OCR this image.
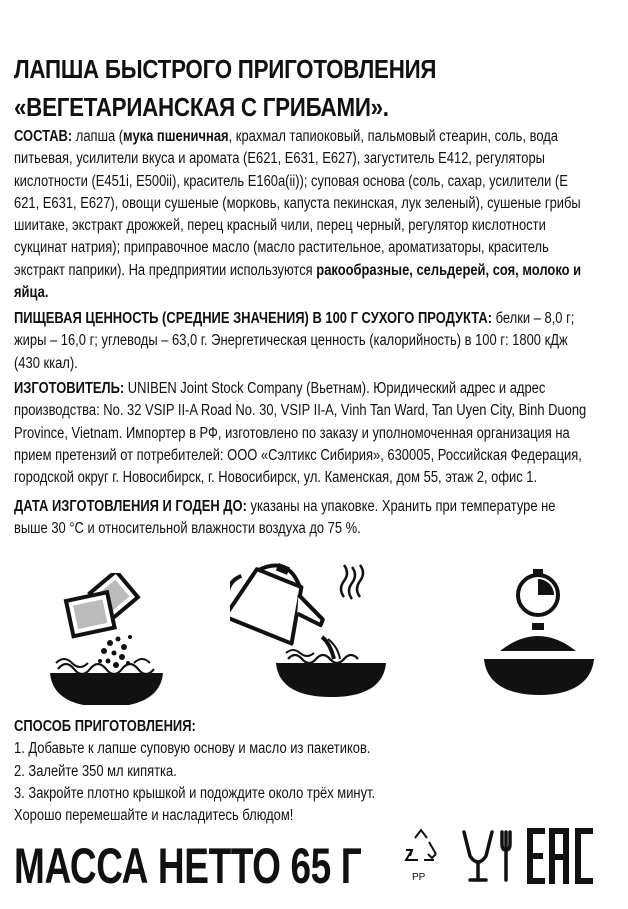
ЛАПША БЫСТРОГО ПРИГОТОВЛЕНИЯ
«ВЕГЕТАРИАНСКАЯ С ГРИБАМИ».
СОСТАВ: лапша (мука пшеничная, крахмал тапиоковый, пальмовый стеарин, соль, вода питьевая, усилители вкуса и аромата (Е621, Е631, Е627), загуститель Е412, регуляторы кислотности (Е451i, Е500ii), краситель Е160а(ii)); суповая основа (соль, сахар, усилители (Е 621, Е631, Е627), овощи сушеные (морковь, капуста пекинская, лук зеленый), сушеные грибы шиитаке, экстракт дрожжей, перец красный чили, перец черный, регулятор кислотности сукцинат натрия); приправочное масло (масло растительное, ароматизаторы, краситель экстракт паприки). На предприятии используются ракообразные, сельдерей, соя, молоко и яйца.
ПИЩЕВАЯ ЦЕННОСТЬ (СРЕДНИЕ ЗНАЧЕНИЯ) В 100 Г СУХОГО ПРОДУКТА: белки – 8,0 г; жиры – 16,0 г; углеводы – 63,0 г. Энергетическая ценность (калорийность) в 100 г: 1800 кДж (430 ккал).
ИЗГОТОВИТЕЛЬ: UNIBEN Joint Stock Company (Вьетнам). Юридический адрес и адрес производства: No. 32 VSIP II-A Road No. 30, VSIP II-A, Vinh Tan Ward, Tan Uyen City, Binh Duong Province, Vietnam. Импортер в РФ, изготовлено по заказу и уполномоченная организация на прием претензий от потребителей: ООО «Сэлтикс Сибирия», 630005, Российская Федерация, городской округ г. Новосибирск, г. Новосибирск, ул. Каменская, дом 55, этаж 2, офис 1.
ДАТА ИЗГОТОВЛЕНИЯ И ГОДЕН ДО: указаны на упаковке. Хранить при температуре не выше 30 °С и относительной влажности воздуха до 75 %.
СПОСОБ ПРИГОТОВЛЕНИЯ:
1. Добавьте к лапше суповую основу и масло из пакетиков.
2. Залейте 350 мл кипятка.
3. Закройте плотно крышкой и подождите около трёх минут.
Хорошо перемешайте и насладитесь блюдом!
МАССА НЕТТО 65 Г	PP
